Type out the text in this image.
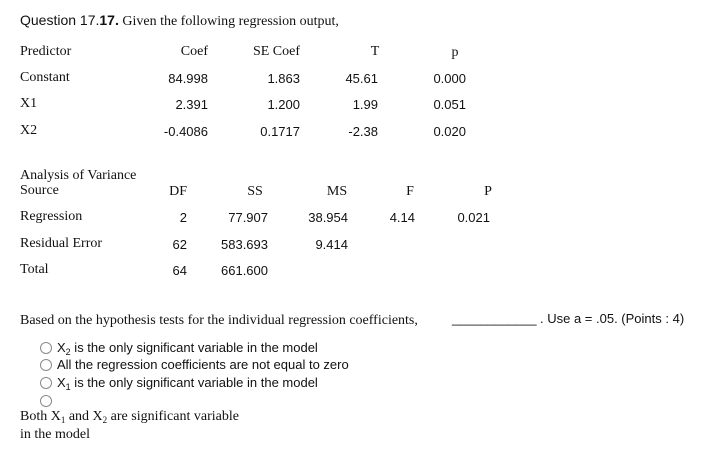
Question 17.17. Given the following regression output,
Predictor	Coef	SE Coef	T	p
Constant	84.998	1.863	45.61	0.000
X1	2.391	1.200	1.99	0.051
X2	-0.4086	0.1717	-2.38	0.020
Analysis of Variance
Source	DF	SS	MS	F	P
Regression	2	77.907	38.954	4.14	0.021
Residual Error	62	583.693	9.414
Total	64	661.600
Based on the hypothesis tests for the individual regression coefficients,	____________ . Use a = .05. (Points : 4)
$X_2$ is the only significant variable in the model
All the regression coefficients are not equal to zero
$X_1$ is the only significant variable in the model
Both $X_1$ and $X_2$ are significant variable
in the model
